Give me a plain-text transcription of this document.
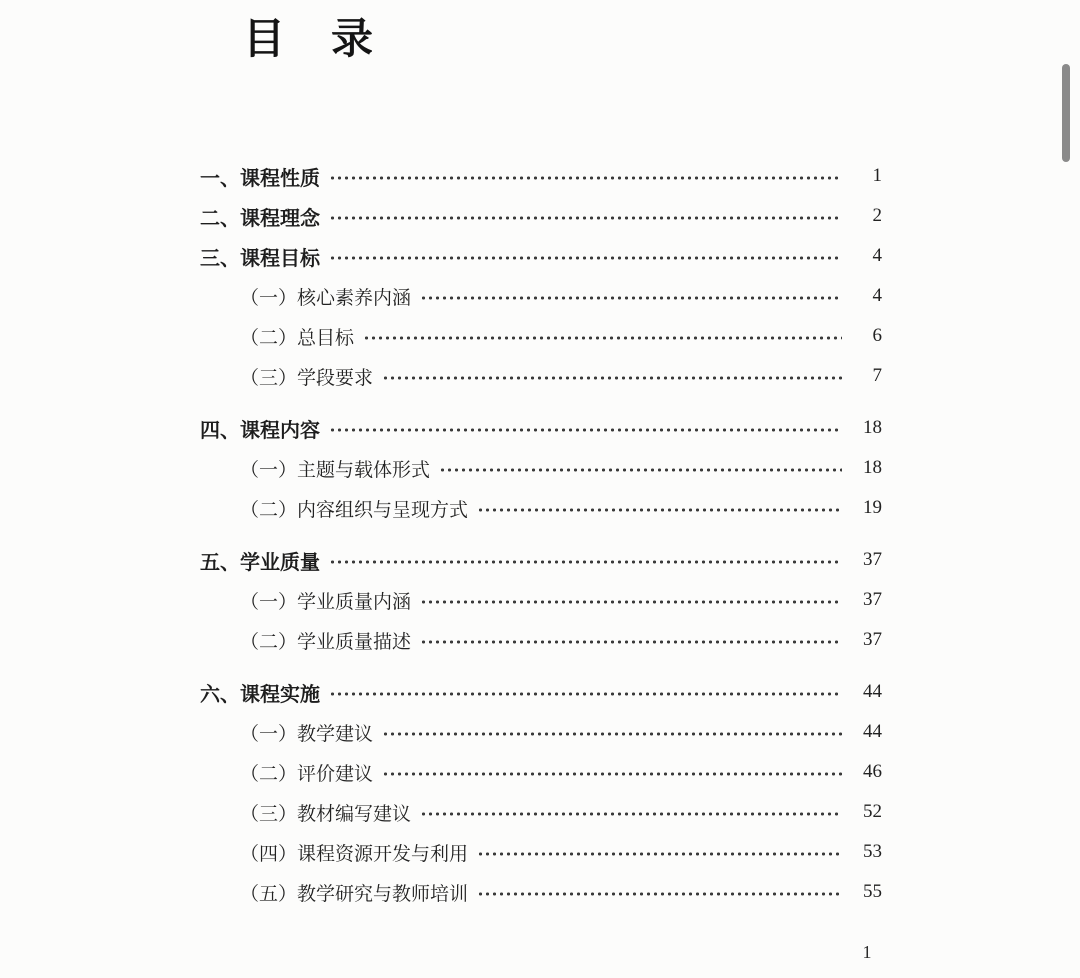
目　录
一、课程性质	1
二、课程理念	2
三、课程目标	4
（一）核心素养内涵	4
（二）总目标	6
（三）学段要求	7
四、课程内容	18
（一）主题与载体形式	18
（二）内容组织与呈现方式	19
五、学业质量	37
（一）学业质量内涵	37
（二）学业质量描述	37
六、课程实施	44
（一）教学建议	44
（二）评价建议	46
（三）教材编写建议	52
（四）课程资源开发与利用	53
（五）教学研究与教师培训	55
1
